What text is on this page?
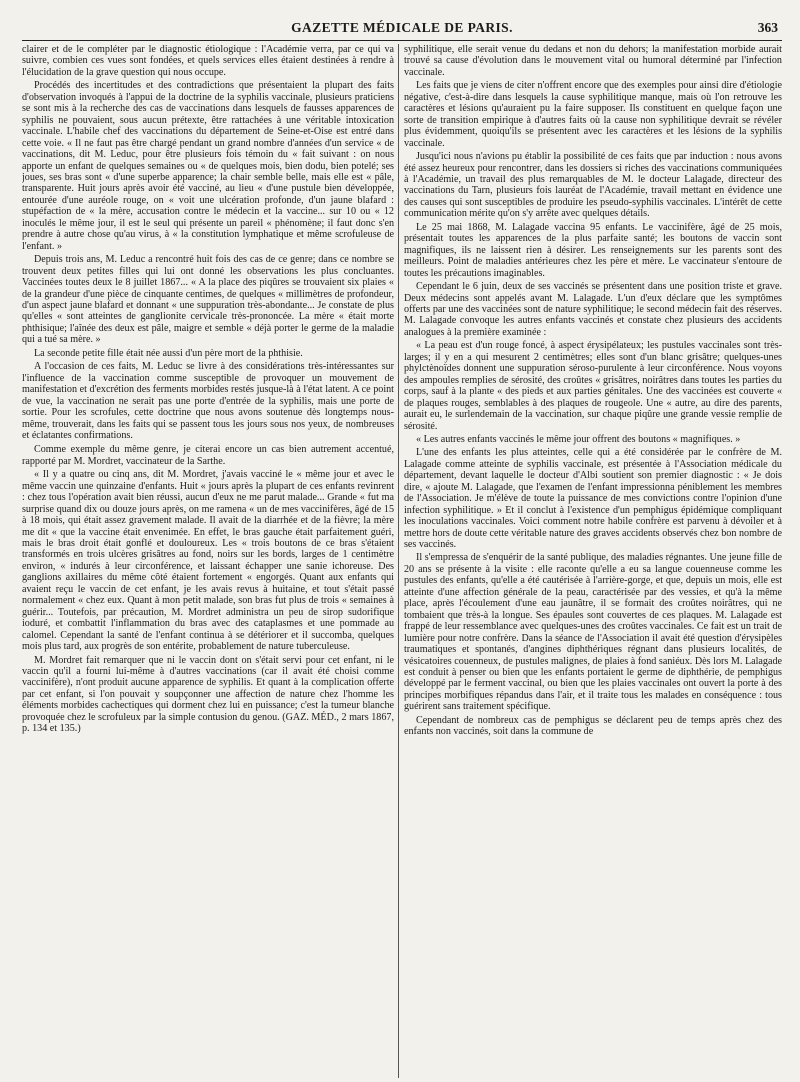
GAZETTE MÉDICALE DE PARIS.	363

clairer et de le compléter par le diagnostic étiologique : l'Académie verra, par ce qui va suivre, combien ces vues sont fondées, et quels services elles étaient destinées à rendre à l'élucidation de la grave question qui nous occupe.

Procédés des incertitudes et des contradictions que présentaient la plupart des faits d'observation invoqués à l'appui de la doctrine de la syphilis vaccinale, plusieurs praticiens se sont mis à la recherche des cas de vaccinations dans lesquels de fausses apparences de syphilis ne pouvaient, sous aucun prétexte, être rattachées à une véritable intoxication vaccinale. L'habile chef des vaccinations du département de Seine-et-Oise est entré dans cette voie. « Il ne faut pas être chargé pendant un grand nombre d'années d'un service « de vaccinations, dit M. Leduc, pour être plusieurs fois témoin du « fait suivant : on nous apporte un enfant de quelques semaines ou « de quelques mois, bien dodu, bien potelé; ses joues, ses bras sont « d'une superbe apparence; la chair semble belle, mais elle est « pâle, transparente. Huit jours après avoir été vacciné, au lieu « d'une pustule bien développée, entourée d'une auréole rouge, on « voit une ulcération profonde, d'un jaune blafard : stupéfaction de « la mère, accusation contre le médecin et la vaccine... sur 10 ou « 12 inoculés le même jour, il est le seul qui présente un pareil « phénomène; il faut donc s'en prendre à autre chose qu'au virus, à « la constitution lymphatique et même scrofuleuse de l'enfant. »

Depuis trois ans, M. Leduc a rencontré huit fois des cas de ce genre; dans ce nombre se trouvent deux petites filles qui lui ont donné les observations les plus concluantes. Vaccinées toutes deux le 8 juillet 1867... « A la place des piqûres se trouvaient six plaies « de la grandeur d'une pièce de cinquante centimes, de quelques « millimètres de profondeur, d'un aspect jaune blafard et donnant « une suppuration très-abondante... Je constate de plus qu'elles « sont atteintes de ganglionite cervicale très-prononcée. La mère « était morte phthisique; l'aînée des deux est pâle, maigre et semble « déjà porter le germe de la maladie qui a tué sa mère. »

La seconde petite fille était née aussi d'un père mort de la phthisie.

A l'occasion de ces faits, M. Leduc se livre à des considérations très-intéressantes sur l'influence de la vaccination comme susceptible de provoquer un mouvement de manifestation et d'excrétion des ferments morbides restés jusque-là à l'état latent. A ce point de vue, la vaccination ne serait pas une porte d'entrée de la syphilis, mais une porte de sortie. Pour les scrofules, cette doctrine que nous avons soutenue dès longtemps nous-même, trouverait, dans les faits qui se passent tous les jours sous nos yeux, de nombreuses et éclatantes confirmations.

Comme exemple du même genre, je citerai encore un cas bien autrement accentué, rapporté par M. Mordret, vaccinateur de la Sarthe.

« Il y a quatre ou cinq ans, dit M. Mordret, j'avais vacciné le « même jour et avec le même vaccin une quinzaine d'enfants. Huit « jours après la plupart de ces enfants revinrent : chez tous l'opération avait bien réussi, aucun d'eux ne me parut malade... Grande « fut ma surprise quand dix ou douze jours après, on me ramena « un de mes vaccinifères, âgé de 15 à 18 mois, qui était assez gravement malade. Il avait de la diarrhée et de la fièvre; la mère me dit « que la vaccine était envenimée. En effet, le bras gauche était parfaitement guéri, mais le bras droit était gonflé et douloureux. Les « trois boutons de ce bras s'étaient transformés en trois ulcères grisâtres au fond, noirs sur les bords, larges de 1 centimètre environ, « indurés à leur circonférence, et laissant échapper une sanie ichoreuse. Des ganglions axillaires du même côté étaient fortement « engorgés. Quant aux enfants qui avaient reçu le vaccin de cet enfant, je les avais revus à huitaine, et tout s'était passé normalement « chez eux. Quant à mon petit malade, son bras fut plus de trois « semaines à guérir... Toutefois, par précaution, M. Mordret administra un peu de sirop sudorifique ioduré, et combattit l'inflammation du bras avec des cataplasmes et une pommade au calomel. Cependant la santé de l'enfant continua à se détériorer et il succomba, quelques mois plus tard, aux progrès de son entérite, probablement de nature tuberculeuse.

M. Mordret fait remarquer que ni le vaccin dont on s'était servi pour cet enfant, ni le vaccin qu'il a fourni lui-même à d'autres vaccinations (car il avait été choisi comme vaccinifère), n'ont produit aucune apparence de syphilis. Et quant à la complication offerte par cet enfant, si l'on pouvait y soupçonner une affection de nature chez l'homme les éléments morbides cachectiques qui dorment chez lui en puissance; c'est la tumeur blanche provoquée chez le scrofuleux par la simple contusion du genou. (GAZ. MÉD., 2 mars 1867, p. 134 et 135.)

syphilitique, elle serait venue du dedans et non du dehors; la manifestation morbide aurait trouvé sa cause d'évolution dans le mouvement vital ou humoral déterminé par l'infection vaccinale.

Les faits que je viens de citer n'offrent encore que des exemples pour ainsi dire d'étiologie négative, c'est-à-dire dans lesquels la cause syphilitique manque, mais où l'on retrouve les caractères et lésions qu'auraient pu la faire supposer. Ils constituent en quelque façon une sorte de transition empirique à d'autres faits où la cause non syphilitique devrait se révéler plus évidemment, quoiqu'ils se présentent avec les caractères et les lésions de la syphilis vaccinale.

Jusqu'ici nous n'avions pu établir la possibilité de ces faits que par induction : nous avons été assez heureux pour rencontrer, dans les dossiers si riches des vaccinations communiquées à l'Académie, un travail des plus remarquables de M. le docteur Lalagade, directeur des vaccinations du Tarn, plusieurs fois lauréat de l'Académie, travail mettant en évidence une des causes qui sont susceptibles de produire les pseudo-syphilis vaccinales. L'intérêt de cette communication mérite qu'on s'y arrête avec quelques détails.

Le 25 mai 1868, M. Lalagade vaccina 95 enfants. Le vaccinifère, âgé de 25 mois, présentait toutes les apparences de la plus parfaite santé; les boutons de vaccin sont magnifiques, ils ne laissent rien à désirer. Les renseignements sur les parents sont des meilleurs. Point de maladies antérieures chez les père et mère. Le vaccinateur s'entoure de toutes les précautions imaginables.

Cependant le 6 juin, deux de ses vaccinés se présentent dans une position triste et grave. Deux médecins sont appelés avant M. Lalagade. L'un d'eux déclare que les symptômes offerts par une des vaccinées sont de nature syphilitique; le second médecin fait des réserves. M. Lalagade convoque les autres enfants vaccinés et constate chez plusieurs des accidents analogues à la première examinée :

« La peau est d'un rouge foncé, à aspect érysipélateux; les pustules vaccinales sont très-larges; il y en a qui mesurent 2 centimètres; elles sont d'un blanc grisâtre; quelques-unes phylctènoïdes donnent une suppuration séroso-purulente à leur circonférence. Nous voyons des ampoules remplies de sérosité, des croûtes « grisâtres, noirâtres dans toutes les parties du corps, sauf à la plante « des pieds et aux parties génitales. Une des vaccinées est couverte « de plaques rouges, semblables à des plaques de rougeole. Une « autre, au dire des parents, aurait eu, le surlendemain de la vaccination, sur chaque piqûre une grande vessie remplie de sérosité.

« Les autres enfants vaccinés le même jour offrent des boutons « magnifiques. »

L'une des enfants les plus atteintes, celle qui a été considérée par le confrère de M. Lalagade comme atteinte de syphilis vaccinale, est présentée à l'Association médicale du département, devant laquelle le docteur d'Albi soutient son premier diagnostic : « Je dois dire, « ajoute M. Lalagade, que l'examen de l'enfant impressionna péniblement les membres de l'Association. Je m'élève de toute la puissance de mes convictions contre l'opinion d'une infection syphilitique. » Et il conclut à l'existence d'un pemphigus épidémique compliquant les inoculations vaccinales. Voici comment notre habile confrère est parvenu à dévoiler et à mettre hors de doute cette véritable nature des graves accidents observés chez bon nombre de ses vaccinés.

Il s'empressa de s'enquérir de la santé publique, des maladies régnantes. Une jeune fille de 20 ans se présente à la visite : elle raconte qu'elle a eu sa langue couenneuse comme les pustules des enfants, qu'elle a été cautérisée à l'arrière-gorge, et que, depuis un mois, elle est atteinte d'une affection générale de la peau, caractérisée par des vessies, et qu'à la même place, après l'écoulement d'une eau jaunâtre, il se formait des croûtes noirâtres, qui ne tombaient que très-à la longue. Ses épaules sont couvertes de ces plaques. M. Lalagade est frappé de leur ressemblance avec quelques-unes des croûtes vaccinales. Ce fait est un trait de lumière pour notre confrère. Dans la séance de l'Association il avait été question d'érysipèles traumatiques et spontanés, d'angines diphthériques régnant dans plusieurs localités, de vésicatoires couenneux, de pustules malignes, de plaies à fond saniéux. Dès lors M. Lalagade est conduit à penser ou bien que les enfants portaient le germe de diphthérie, de pemphigus développé par le ferment vaccinal, ou bien que les plaies vaccinales ont ouvert la porte à des principes morbifiques répandus dans l'air, et il traite tous les malades en conséquence : tous guérirent sans traitement spécifique.

Cependant de nombreux cas de pemphigus se déclarent peu de temps après chez des enfants non vaccinés, soit dans la commune de
